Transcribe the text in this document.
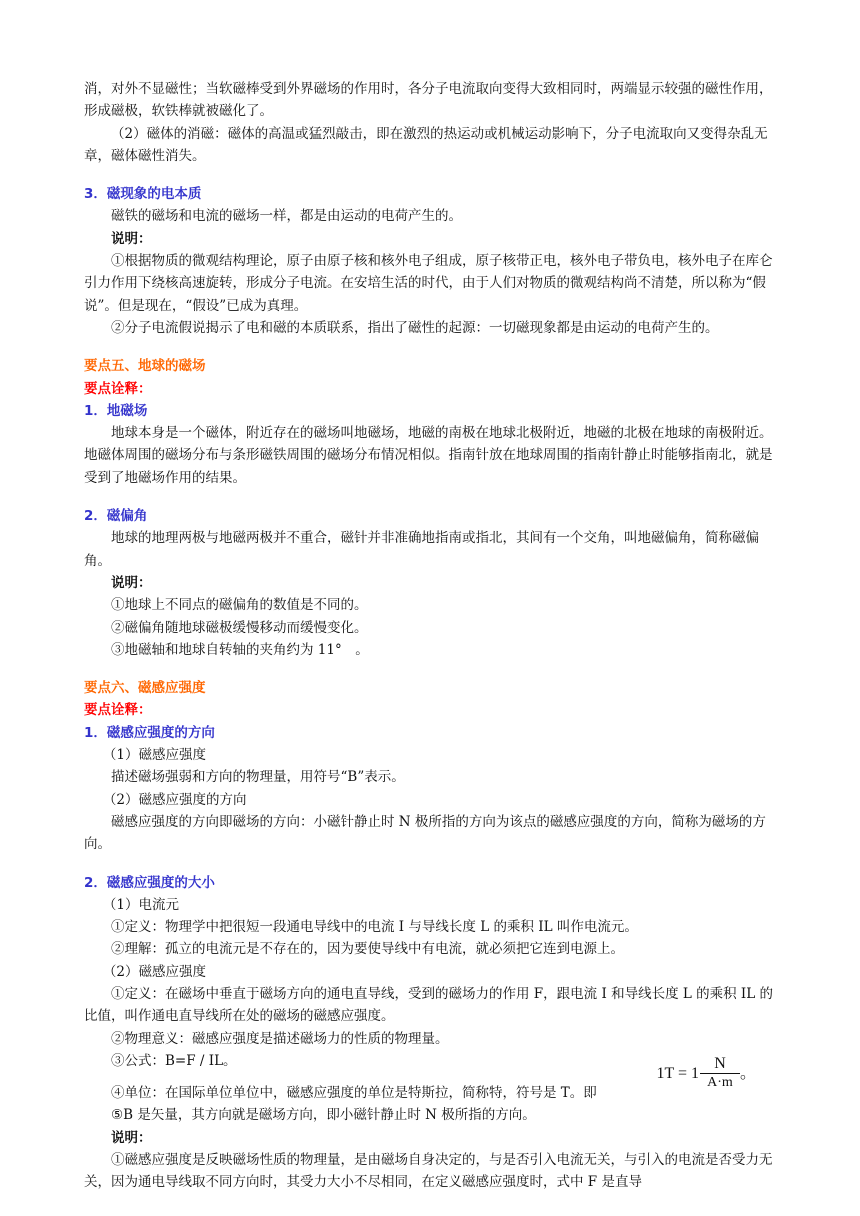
消，对外不显磁性；当软磁棒受到外界磁场的作用时，各分子电流取向变得大致相同时，两端显示较强的磁性作用，形成磁极，软铁棒就被磁化了。

（2）磁体的消磁：磁体的高温或猛烈敲击，即在激烈的热运动或机械运动影响下，分子电流取向又变得杂乱无章，磁体磁性消失。

3．磁现象的电本质

磁铁的磁场和电流的磁场一样，都是由运动的电荷产生的。

说明：

①根据物质的微观结构理论，原子由原子核和核外电子组成，原子核带正电，核外电子带负电，核外电子在库仑引力作用下绕核高速旋转，形成分子电流。在安培生活的时代，由于人们对物质的微观结构尚不清楚，所以称为“假说”。但是现在，“假设”已成为真理。

②分子电流假说揭示了电和磁的本质联系，指出了磁性的起源：一切磁现象都是由运动的电荷产生的。

要点五、地球的磁场

要点诠释：

1．地磁场

地球本身是一个磁体，附近存在的磁场叫地磁场，地磁的南极在地球北极附近，地磁的北极在地球的南极附近。地磁体周围的磁场分布与条形磁铁周围的磁场分布情况相似。指南针放在地球周围的指南针静止时能够指南北，就是受到了地磁场作用的结果。

2．磁偏角

地球的地理两极与地磁两极并不重合，磁针并非准确地指南或指北，其间有一个交角，叫地磁偏角，简称磁偏角。

说明：

①地球上不同点的磁偏角的数值是不同的。

②磁偏角随地球磁极缓慢移动而缓慢变化。

③地磁轴和地球自转轴的夹角约为 11°　。

要点六、磁感应强度

要点诠释：

1．磁感应强度的方向

（1）磁感应强度

描述磁场强弱和方向的物理量，用符号“B”表示。

（2）磁感应强度的方向

磁感应强度的方向即磁场的方向：小磁针静止时 N 极所指的方向为该点的磁感应强度的方向，简称为磁场的方向。

2．磁感应强度的大小

（1）电流元

①定义：物理学中把很短一段通电导线中的电流 I 与导线长度 L 的乘积 IL 叫作电流元。

②理解：孤立的电流元是不存在的，因为要使导线中有电流，就必须把它连到电源上。

（2）磁感应强度

①定义：在磁场中垂直于磁场方向的通电直导线，受到的磁场力的作用 F，跟电流 I 和导线长度 L 的乘积 IL 的比值，叫作通电直导线所在处的磁场的磁感应强度。

②物理意义：磁感应强度是描述磁场力的性质的物理量。

③公式：B=F / IL。

④单位：在国际单位单位中，磁感应强度的单位是特斯拉，简称特，符号是 T。即

$1T = 1 \frac{N}{A\cdot m}$ 。

⑤B 是矢量，其方向就是磁场方向，即小磁针静止时 N 极所指的方向。

说明：

①磁感应强度是反映磁场性质的物理量，是由磁场自身决定的，与是否引入电流无关，与引入的电流是否受力无关，因为通电导线取不同方向时，其受力大小不尽相同，在定义磁感应强度时，式中 F 是直导
